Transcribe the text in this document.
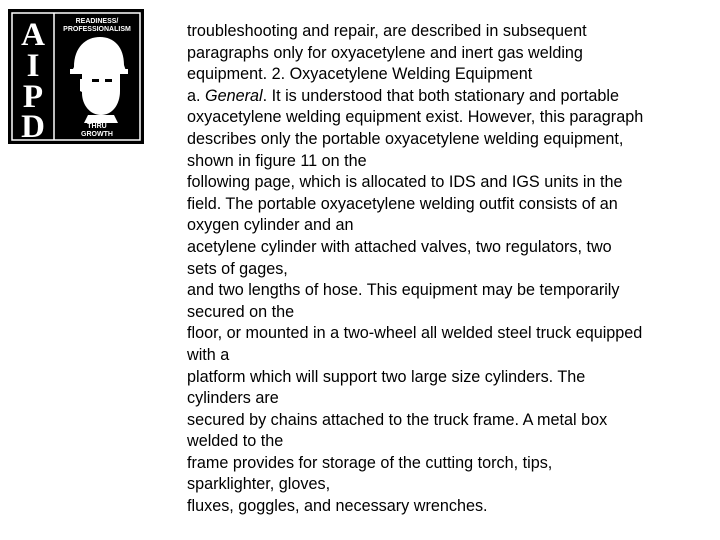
A
I
P
D
READINESS/
PROFESSIONALISM
THRU
GROWTH
troubleshooting and repair, are described in subsequent
paragraphs only for oxyacetylene and inert gas welding
equipment. 2. Oxyacetylene Welding Equipment
a. General. It is understood that both stationary and portable
oxyacetylene welding equipment exist. However, this paragraph
describes only the portable oxyacetylene welding equipment,
shown in figure 11 on the
following page, which is allocated to IDS and IGS units in the
field. The portable oxyacetylene welding outfit consists of an
oxygen cylinder and an
acetylene cylinder with attached valves, two regulators, two
sets of gages,
and two lengths of hose. This equipment may be temporarily
secured on the
floor, or mounted in a two-wheel all welded steel truck equipped
with a
platform which will support two large size cylinders. The
cylinders are
secured by chains attached to the truck frame. A metal box
welded to the
frame provides for storage of the cutting torch, tips,
sparklighter, gloves,
fluxes, goggles, and necessary wrenches.
